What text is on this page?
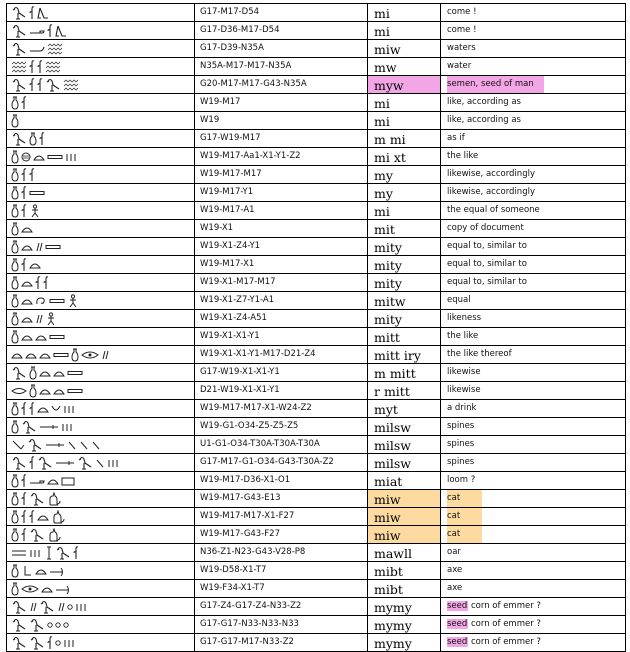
G17-M17-D54	mi	come !
G17-D36-M17-D54	mi	come !
G17-D39-N35A	miw	waters
N35A-M17-M17-N35A	mw	water
G20-M17-M17-G43-N35A	myw	semen, seed of man
W19-M17	mi	like, according as
W19	mi	like, according as
G17-W19-M17	m mi	as if
W19-M17-Aa1-X1-Y1-Z2	mi xt	the like
W19-M17-M17	my	likewise, accordingly
W19-M17-Y1	my	likewise, accordingly
W19-M17-A1	mi	the equal of someone
W19-X1	mit	copy of document
W19-X1-Z4-Y1	mity	equal to, similar to
W19-M17-X1	mity	equal to, similar to
W19-X1-M17-M17	mity	equal to, similar to
W19-X1-Z7-Y1-A1	mitw	equal
W19-X1-Z4-A51	mity	likeness
W19-X1-X1-Y1	mitt	the like
W19-X1-X1-Y1-M17-D21-Z4	mitt iry	the like thereof
G17-W19-X1-X1-Y1	m mitt	likewise
D21-W19-X1-X1-Y1	r mitt	likewise
W19-M17-M17-X1-W24-Z2	myt	a drink
W19-G1-O34-Z5-Z5-Z5	milsw	spines
U1-G1-O34-T30A-T30A-T30A	milsw	spines
G17-M17-G1-O34-G43-T30A-Z2	milsw	spines
W19-M17-D36-X1-O1	miat	loom ?
W19-M17-G43-E13	miw	cat
W19-M17-M17-X1-F27	miw	cat
W19-M17-G43-F27	miw	cat
N36-Z1-N23-G43-V28-P8	mawll	oar
W19-D58-X1-T7	mibt	axe
W19-F34-X1-T7	mibt	axe
G17-Z4-G17-Z4-N33-Z2	mymy	seed corn of emmer ?
G17-G17-N33-N33-N33	mymy	seed corn of emmer ?
G17-G17-M17-N33-Z2	mymy	seed corn of emmer ?
